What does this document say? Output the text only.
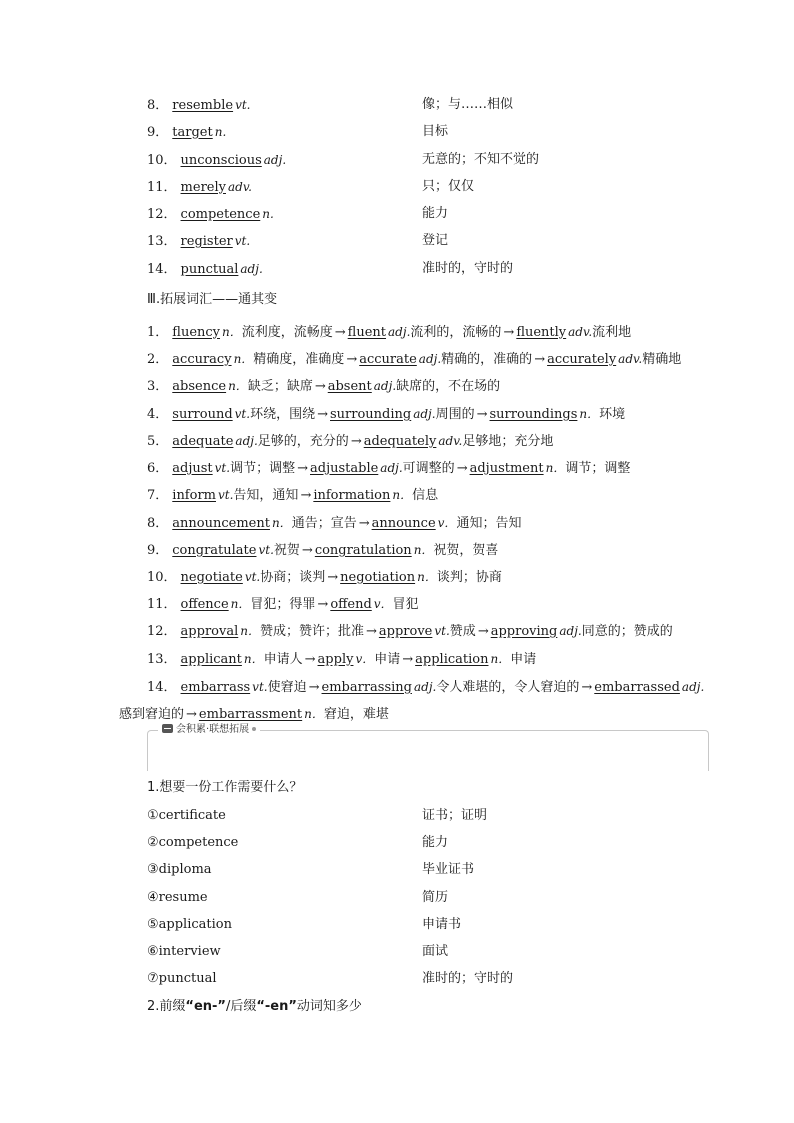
8． resemble vt.	像；与……相似
9． target n.	目标
10． unconscious adj.	无意的；不知不觉的
11． merely adv.	只；仅仅
12． competence n.	能力
13． register vt.	登记
14． punctual adj.	准时的，守时的
Ⅲ.拓展词汇——通其变
1． fluency n．流利度，流畅度 → fluent adj.流利的，流畅的 → fluently adv.流利地
2． accuracy n．精确度，准确度 → accurate adj.精确的，准确的 → accurately adv.精确地
3． absence n．缺乏；缺席 → absent adj.缺席的，不在场的
4． surround vt.环绕，围绕 → surrounding adj.周围的 → surroundings n．环境
5． adequate adj.足够的，充分的 → adequately adv.足够地；充分地
6． adjust vt.调节；调整 → adjustable adj.可调整的 → adjustment n．调节；调整
7． inform vt.告知，通知 → information n．信息
8． announcement n．通告；宣告 → announce v．通知；告知
9． congratulate vt.祝贺 → congratulation n．祝贺，贺喜
10． negotiate vt.协商；谈判 → negotiation n．谈判；协商
11． offence n．冒犯；得罪 → offend v．冒犯
12． approval n．赞成；赞许；批准 → approve vt.赞成 → approving adj.同意的；赞成的
13． applicant n．申请人 → apply v．申请 → application n．申请
14． embarrass vt.使窘迫 → embarrassing adj.令人难堪的，令人窘迫的 → embarrassed adj.
感到窘迫的 → embarrassment n．窘迫，难堪
会积累·联想拓展
1.想要一份工作需要什么？
①certificate	证书；证明
②competence	能力
③diploma	毕业证书
④resume	简历
⑤application	申请书
⑥interview	面试
⑦punctual	准时的；守时的
2.前缀“en-”/后缀“-en”动词知多少
